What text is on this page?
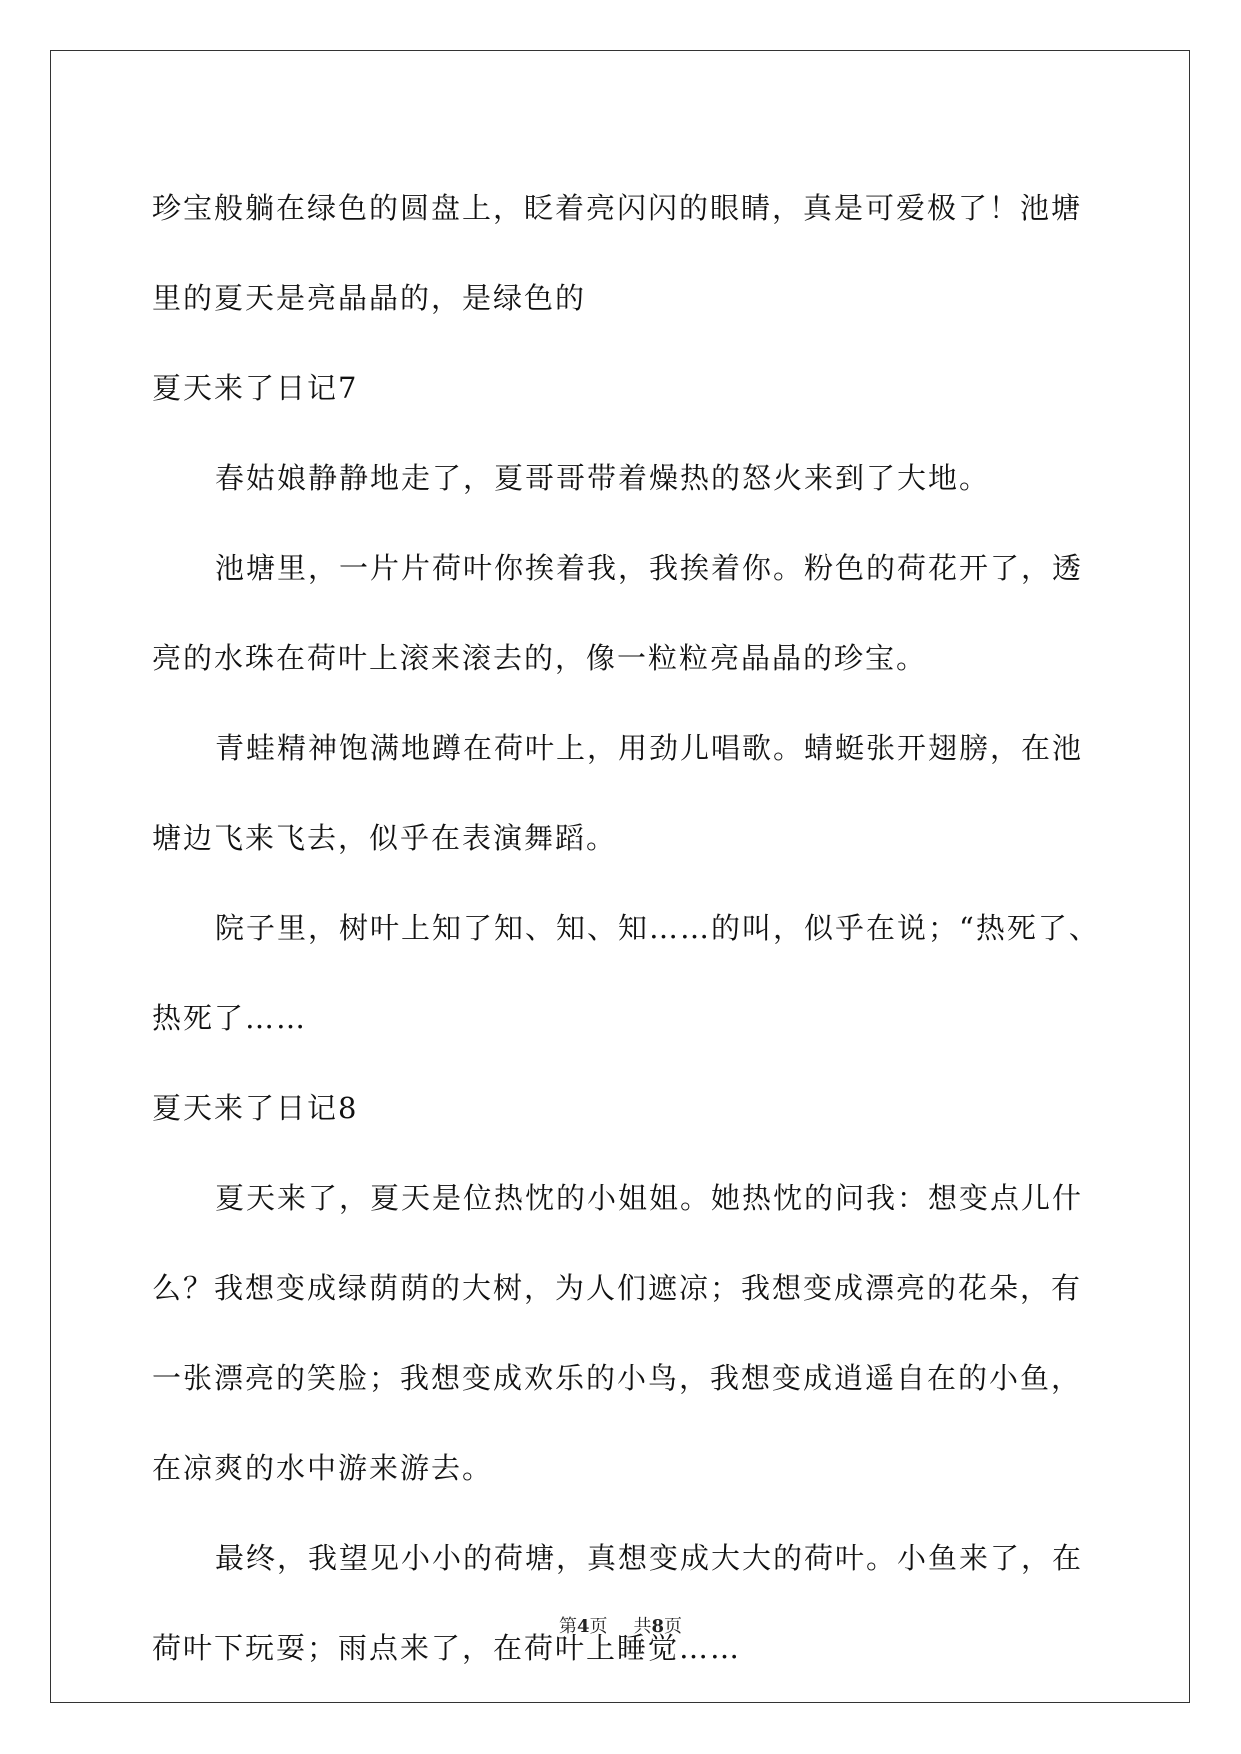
珍宝般躺在绿色的圆盘上，眨着亮闪闪的眼睛，真是可爱极了！池塘
里的夏天是亮晶晶的，是绿色的
夏天来了日记7
春姑娘静静地走了，夏哥哥带着燥热的怒火来到了大地。
池塘里，一片片荷叶你挨着我，我挨着你。粉色的荷花开了，透
亮的水珠在荷叶上滚来滚去的，像一粒粒亮晶晶的珍宝。
青蛙精神饱满地蹲在荷叶上，用劲儿唱歌。蜻蜓张开翅膀，在池
塘边飞来飞去，似乎在表演舞蹈。
院子里，树叶上知了知、知、知……的叫，似乎在说；“热死了、
热死了……
夏天来了日记8
夏天来了，夏天是位热忱的小姐姐。她热忱的问我：想变点儿什
么？我想变成绿荫荫的大树，为人们遮凉；我想变成漂亮的花朵，有
一张漂亮的笑脸；我想变成欢乐的小鸟，我想变成逍遥自在的小鱼，
在凉爽的水中游来游去。
最终，我望见小小的荷塘，真想变成大大的荷叶。小鱼来了，在
荷叶下玩耍；雨点来了，在荷叶上睡觉……
第4页 共8页
